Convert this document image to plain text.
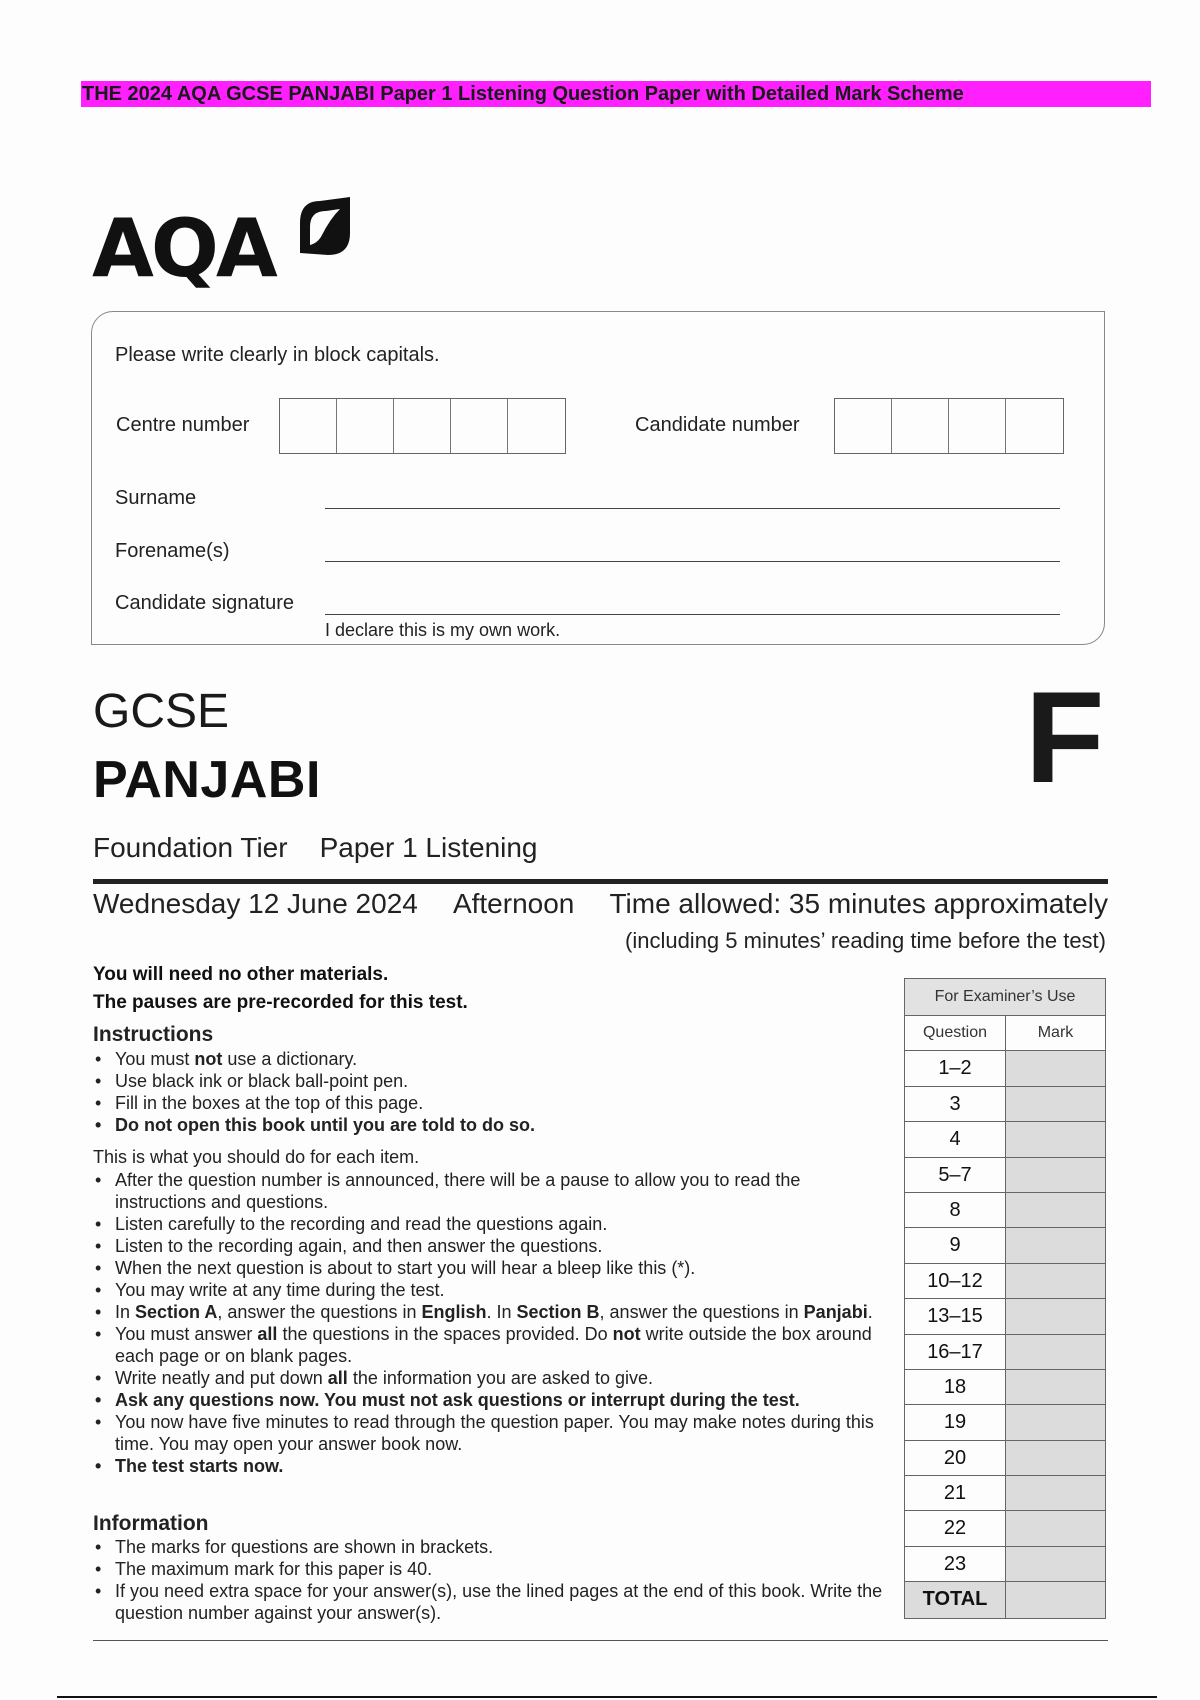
THE 2024 AQA GCSE PANJABI Paper 1 Listening Question Paper with Detailed Mark Scheme
AQA
Please write clearly in block capitals.
Centre number	Candidate number
Surname
Forename(s)
Candidate signature
I declare this is my own work.
GCSE
PANJABI	F
Foundation Tier Paper 1 Listening
Wednesday 12 June 2024 Afternoon Time allowed: 35 minutes approximately
(including 5 minutes’ reading time before the test)
You will need no other materials.
The pauses are pre-recorded for this test.
Instructions
• You must not use a dictionary.
• Use black ink or black ball-point pen.
• Fill in the boxes at the top of this page.
• Do not open this book until you are told to do so.
This is what you should do for each item.
• After the question number is announced, there will be a pause to allow you to read the instructions and questions.
• Listen carefully to the recording and read the questions again.
• Listen to the recording again, and then answer the questions.
• When the next question is about to start you will hear a bleep like this (*).
• You may write at any time during the test.
• In Section A, answer the questions in English. In Section B, answer the questions in Panjabi.
• You must answer all the questions in the spaces provided. Do not write outside the box around each page or on blank pages.
• Write neatly and put down all the information you are asked to give.
• Ask any questions now. You must not ask questions or interrupt during the test.
• You now have five minutes to read through the question paper. You may make notes during this time. You may open your answer book now.
• The test starts now.
Information
• The marks for questions are shown in brackets.
• The maximum mark for this paper is 40.
• If you need extra space for your answer(s), use the lined pages at the end of this book. Write the question number against your answer(s).
For Examiner’s Use
Question	Mark
1–2
3
4
5–7
8
9
10–12
13–15
16–17
18
19
20
21
22
23
TOTAL
